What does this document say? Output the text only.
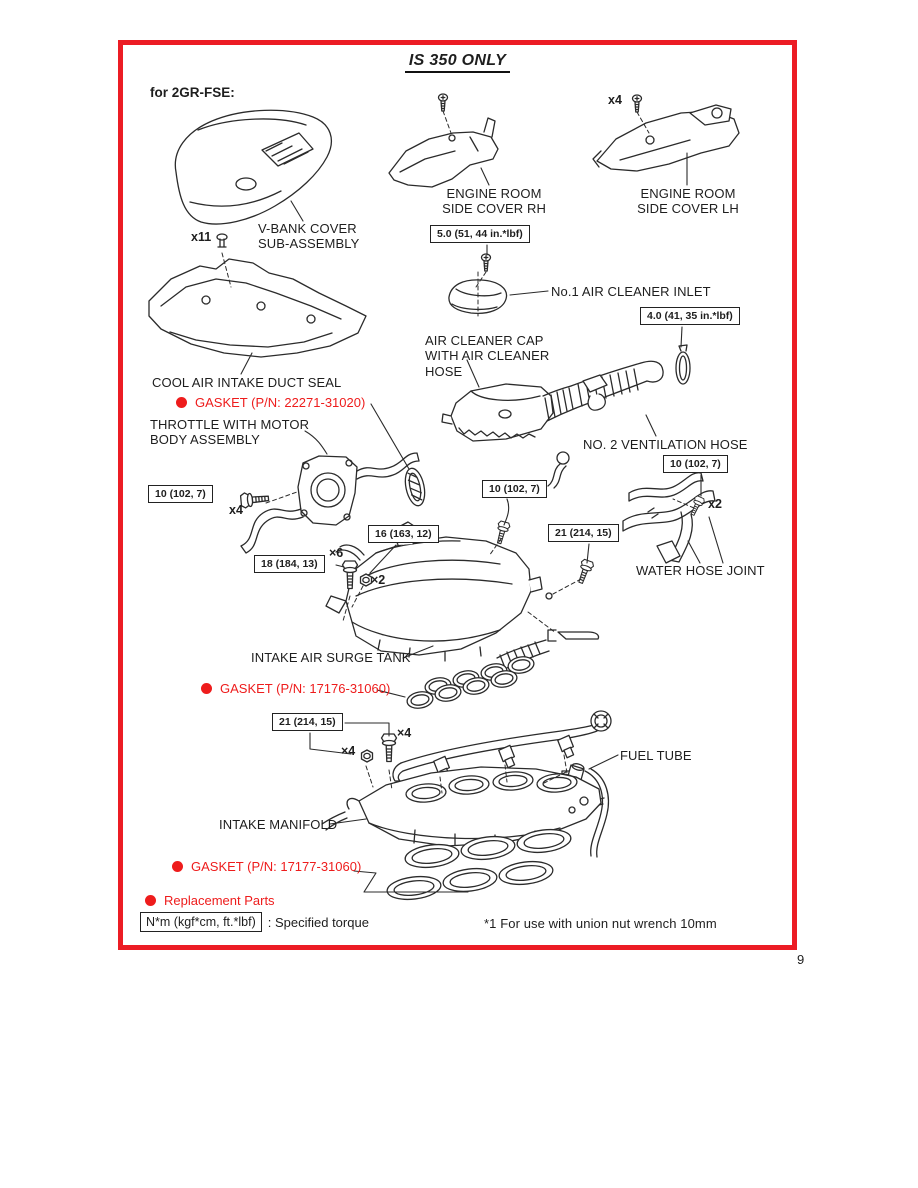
IS 350 ONLY
for 2GR-FSE:
V-BANK COVER SUB-ASSEMBLY
ENGINE ROOM SIDE COVER RH
ENGINE ROOM SIDE COVER LH
No.1 AIR CLEANER INLET
AIR CLEANER CAP WITH AIR CLEANER HOSE
COOL AIR INTAKE DUCT SEAL
THROTTLE WITH MOTOR BODY ASSEMBLY	NO. 2 VENTILATION HOSE
WATER HOSE JOINT
INTAKE AIR SURGE TANK
FUEL TUBE
INTAKE MANIFOLD
5.0 (51, 44 in.*lbf)
4.0 (41, 35 in.*lbf)
10 (102, 7)	10 (102, 7)
10 (102, 7)
16 (163, 12)	21 (214, 15)
18 (184, 13)
21 (214, 15)
x11
x4
x4	x2
×6
×2
×4
×4
GASKET (P/N: 22271-31020)
GASKET (P/N: 17176-31060)
GASKET (P/N: 17177-31060)
Replacement Parts
N*m (kgf*cm, ft.*lbf) : Specified torque	*1 For use with union nut wrench 10mm
9
